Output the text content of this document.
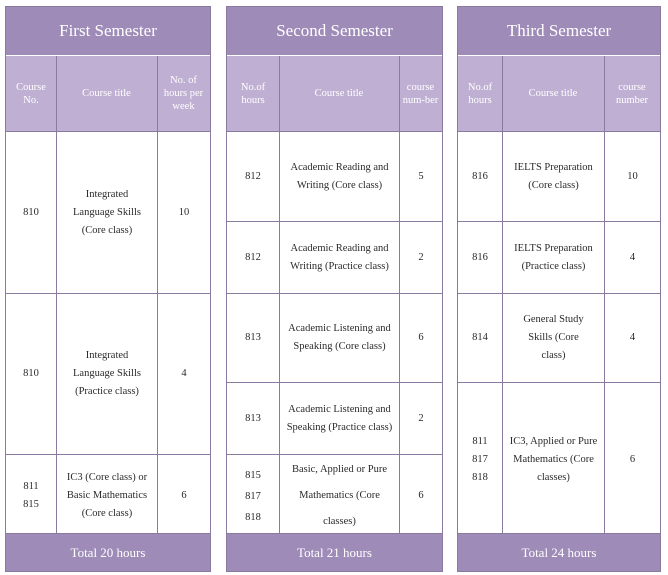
First Semester
Course No.
Course title
No. of hours per week
810
Integrated Language Skills (Core class)
10
810
Integrated Language Skills (Practice class)
4
811
815
IC3 (Core class) or Basic Mathematics (Core class)
6
Total 20 hours
Second Semester
No.of hours
Course title
course num-ber
812
Academic Reading and Writing (Core class)
5
812
Academic Reading and Writing (Practice class)
2
813
Academic Listening and Speaking (Core class)
6
813
Academic Listening and Speaking (Practice class)
2
815
817
818
Basic, Applied or Pure Mathematics (Core classes)
6
Total 21 hours
Third Semester
No.of hours
Course title
course number
816
IELTS Preparation (Core class)
10
816
IELTS Preparation (Practice class)
4
814
General Study Skills (Core class)
4
811
817
818
IC3, Applied or Pure Mathematics (Core classes)
6
Total 24 hours
